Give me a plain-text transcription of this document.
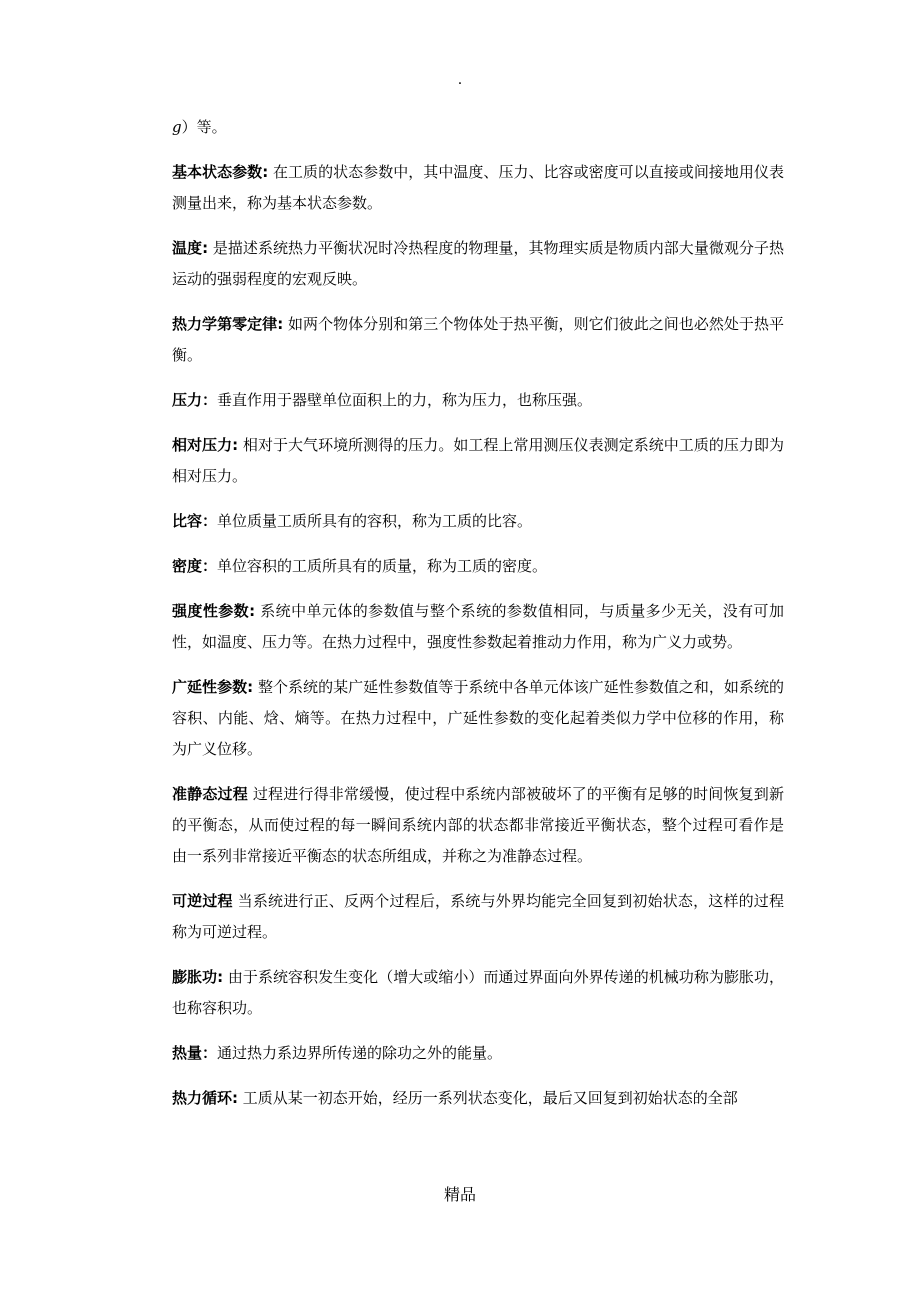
.

g）等。

基本状态参数: 在工质的状态参数中，其中温度、压力、比容或密度可以直接或间接地用仪表测量出来，称为基本状态参数。

温度: 是描述系统热力平衡状况时冷热程度的物理量，其物理实质是物质内部大量微观分子热运动的强弱程度的宏观反映。

热力学第零定律: 如两个物体分别和第三个物体处于热平衡，则它们彼此之间也必然处于热平衡。

压力：垂直作用于器壁单位面积上的力，称为压力，也称压强。

相对压力: 相对于大气环境所测得的压力。如工程上常用测压仪表测定系统中工质的压力即为相对压力。

比容：单位质量工质所具有的容积，称为工质的比容。

密度：单位容积的工质所具有的质量，称为工质的密度。

强度性参数: 系统中单元体的参数值与整个系统的参数值相同，与质量多少无关，没有可加性，如温度、压力等。在热力过程中，强度性参数起着推动力作用，称为广义力或势。

广延性参数: 整个系统的某广延性参数值等于系统中各单元体该广延性参数值之和，如系统的容积、内能、焓、熵等。在热力过程中，广延性参数的变化起着类似力学中位移的作用，称为广义位移。

准静态过程 过程进行得非常缓慢，使过程中系统内部被破坏了的平衡有足够的时间恢复到新的平衡态，从而使过程的每一瞬间系统内部的状态都非常接近平衡状态，整个过程可看作是由一系列非常接近平衡态的状态所组成，并称之为准静态过程。

可逆过程 当系统进行正、反两个过程后，系统与外界均能完全回复到初始状态，这样的过程称为可逆过程。

膨胀功: 由于系统容积发生变化（增大或缩小）而通过界面向外界传递的机械功称为膨胀功，也称容积功。

热量：通过热力系边界所传递的除功之外的能量。

热力循环: 工质从某一初态开始，经历一系列状态变化，最后又回复到初始状态的全部

精品
